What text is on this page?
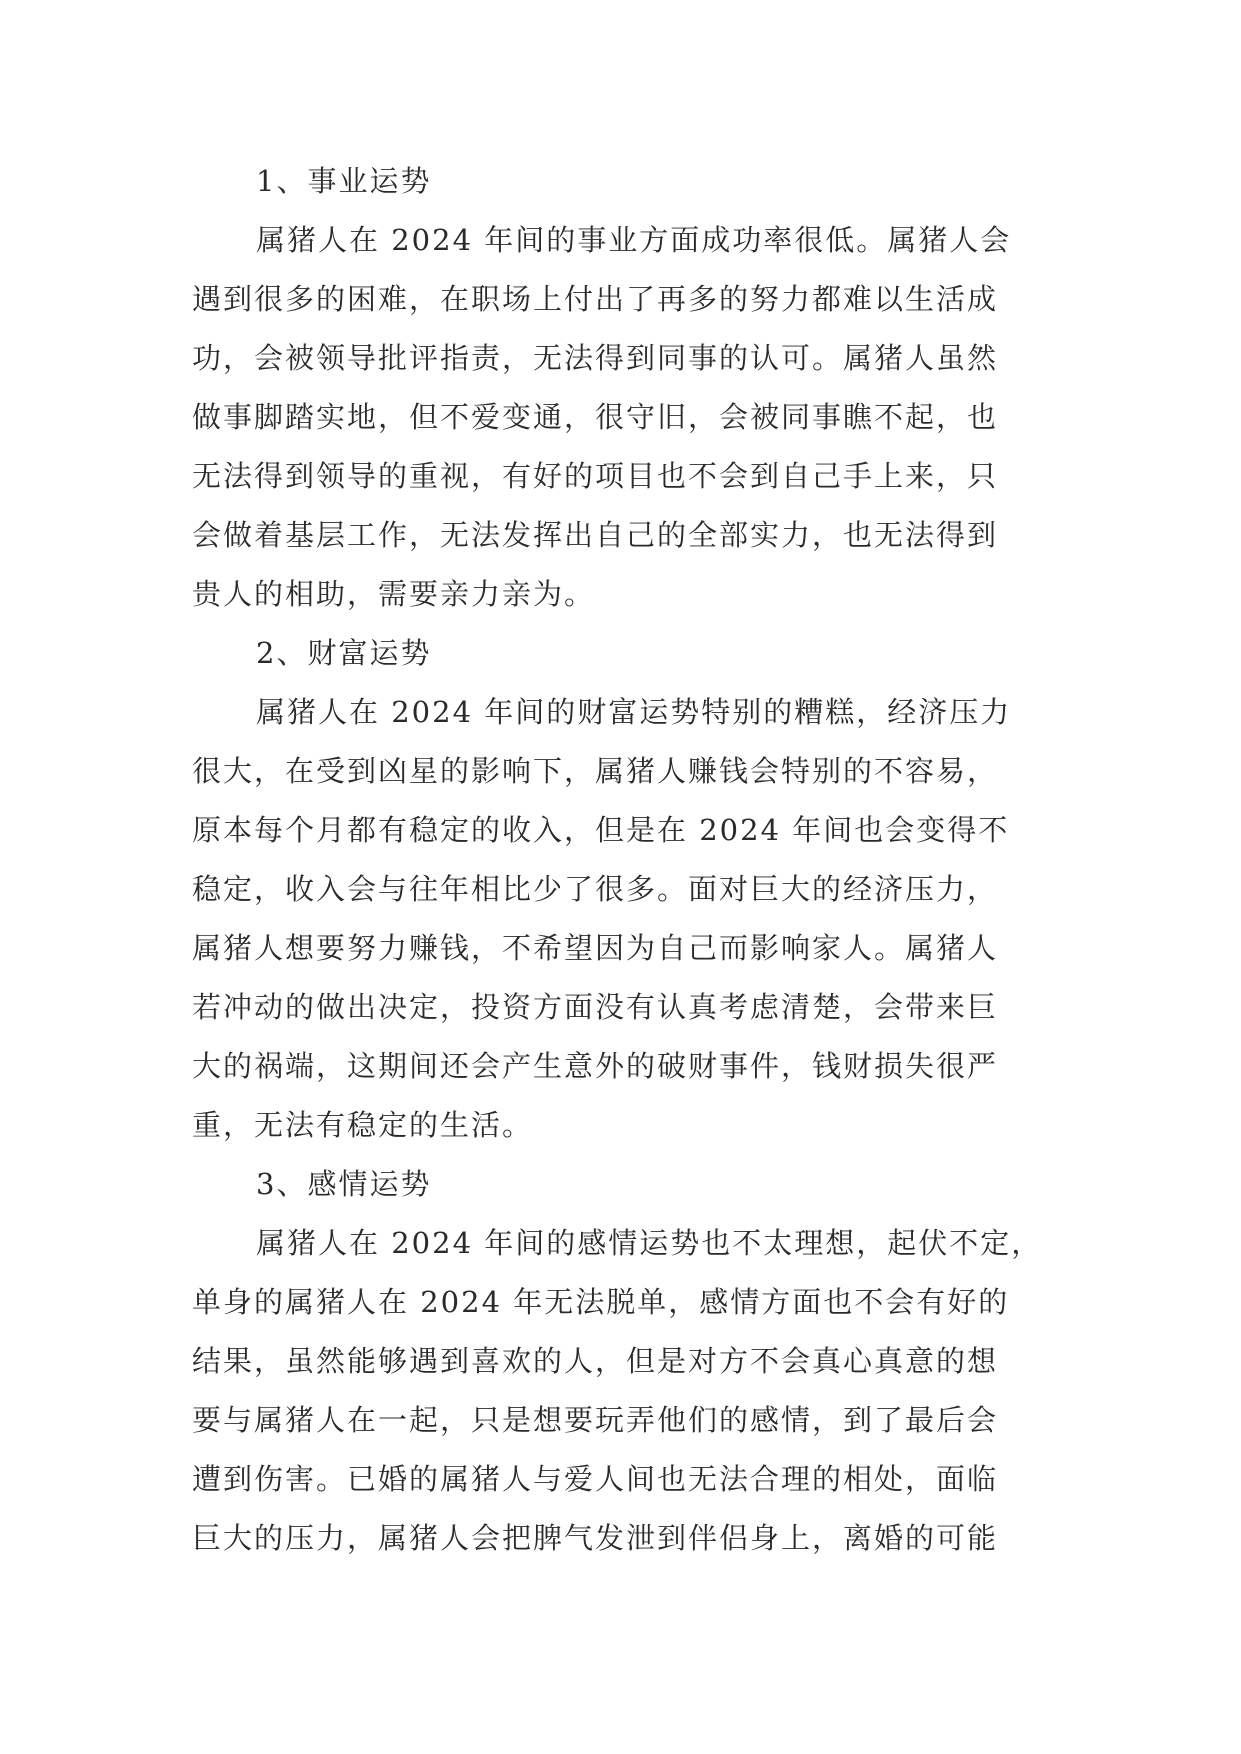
1、事业运势
属猪人在 2024 年间的事业方面成功率很低。属猪人会
遇到很多的困难，在职场上付出了再多的努力都难以生活成
功，会被领导批评指责，无法得到同事的认可。属猪人虽然
做事脚踏实地，但不爱变通，很守旧，会被同事瞧不起，也
无法得到领导的重视，有好的项目也不会到自己手上来，只
会做着基层工作，无法发挥出自己的全部实力，也无法得到
贵人的相助，需要亲力亲为。
2、财富运势
属猪人在 2024 年间的财富运势特别的糟糕，经济压力
很大，在受到凶星的影响下，属猪人赚钱会特别的不容易，
原本每个月都有稳定的收入，但是在 2024 年间也会变得不
稳定，收入会与往年相比少了很多。面对巨大的经济压力，
属猪人想要努力赚钱，不希望因为自己而影响家人。属猪人
若冲动的做出决定，投资方面没有认真考虑清楚，会带来巨
大的祸端，这期间还会产生意外的破财事件，钱财损失很严
重，无法有稳定的生活。
3、感情运势
属猪人在 2024 年间的感情运势也不太理想，起伏不定，
单身的属猪人在 2024 年无法脱单，感情方面也不会有好的
结果，虽然能够遇到喜欢的人，但是对方不会真心真意的想
要与属猪人在一起，只是想要玩弄他们的感情，到了最后会
遭到伤害。已婚的属猪人与爱人间也无法合理的相处，面临
巨大的压力，属猪人会把脾气发泄到伴侣身上，离婚的可能
